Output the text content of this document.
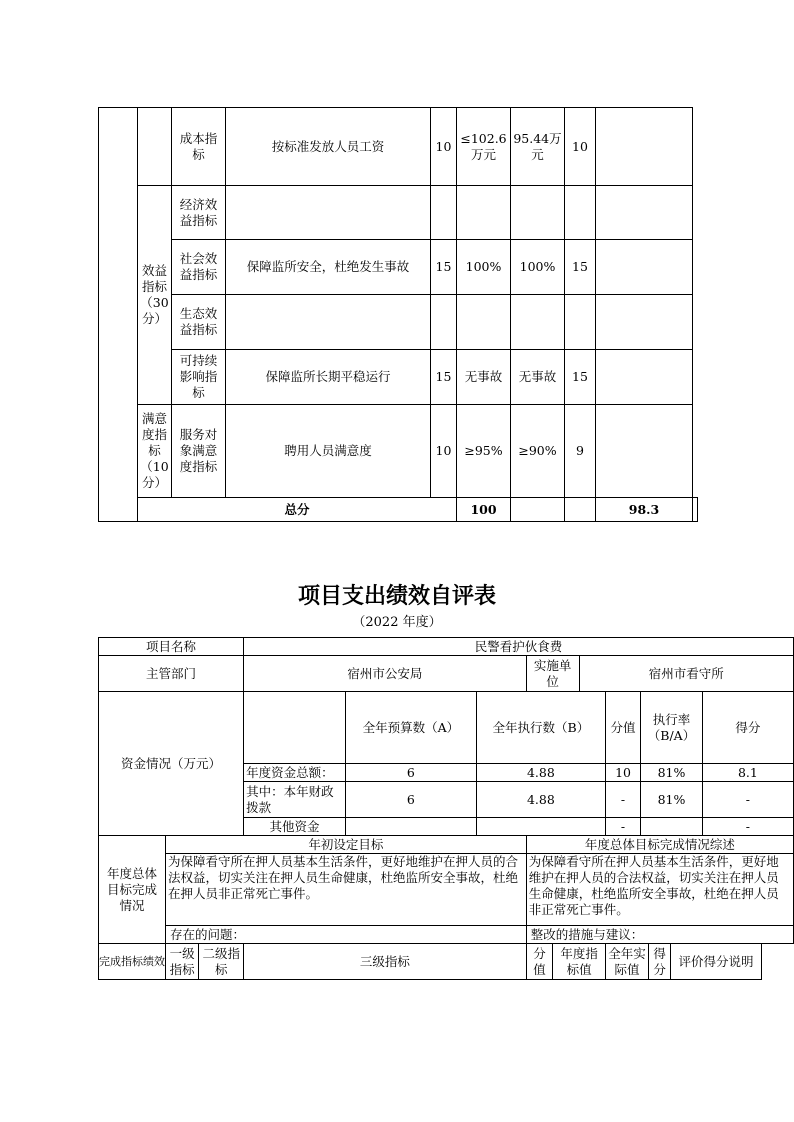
		成本指标	按标准发放人员工资	10	≤102.6万元	95.44万元	10		
	效益指标（30分）	经济效益指标							
		社会效益指标	保障监所安全，杜绝发生事故	15	100%	100%	15		
		生态效益指标							
		可持续影响指标	保障监所长期平稳运行	15	无事故	无事故	15		
	满意度指标（10分）	服务对象满意度指标	聘用人员满意度	10	≥95%	≥90%	9		
	总分				100			98.3	
项目支出绩效自评表
（2022 年度）
项目名称			民警看护伙食费										
主管部门			宿州市公安局			实施单位		宿州市看守所					
资金情况（万元）				全年预算数（A）	全年执行数（B）				分值	执行率（B/A）			得分
			年度资金总额：	6	4.88				10	81%			8.1
			其中：本年财政拨款	6	4.88				-	81%			-
			其他资金						-				-
年度总体目标完成情况	年初设定目标					年度总体目标完成情况综述							
	为保障看守所在押人员基本生活条件，更好地维护在押人员的合法权益，切实关注在押人员生命健康，杜绝监所安全事故，杜绝在押人员非正常死亡事件。					为保障看守所在押人员基本生活条件，更好地维护在押人员的合法权益，切实关注在押人员生命健康，杜绝监所安全事故，杜绝在押人员非正常死亡事件。							
	存在的问题：					整改的措施与建议：							
完成指标绩效	一级指标	二级指标	三级指标			分值	年度指标值		全年实际值		得分	评价得分说明	
